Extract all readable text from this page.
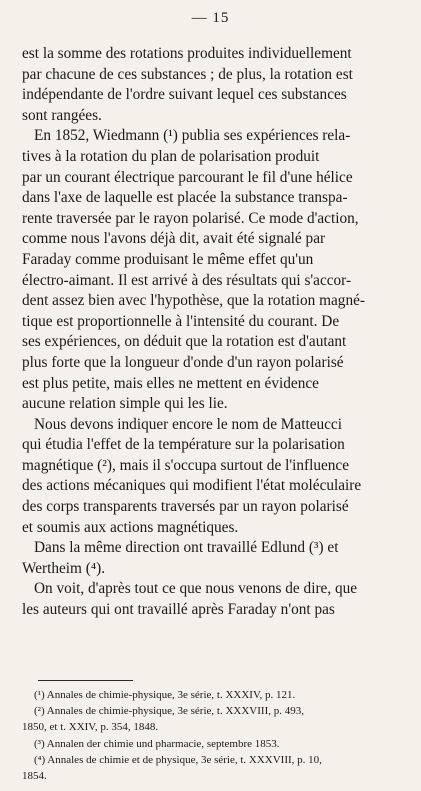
— 15

est la somme des rotations produites individuellement
par chacune de ces substances ; de plus, la rotation est
indépendante de l'ordre suivant lequel ces substances
sont rangées.

En 1852, Wiedmann (¹) publia ses expériences rela-
tives à la rotation du plan de polarisation produit
par un courant électrique parcourant le fil d'une hélice
dans l'axe de laquelle est placée la substance transpa-
rente traversée par le rayon polarisé. Ce mode d'action,
comme nous l'avons déjà dit, avait été signalé par
Faraday comme produisant le même effet qu'un
électro-aimant. Il est arrivé à des résultats qui s'accor-
dent assez bien avec l'hypothèse, que la rotation magné-
tique est proportionnelle à l'intensité du courant. De
ses expériences, on déduit que la rotation est d'autant
plus forte que la longueur d'onde d'un rayon polarisé
est plus petite, mais elles ne mettent en évidence
aucune relation simple qui les lie.

Nous devons indiquer encore le nom de Matteucci
qui étudia l'effet de la température sur la polarisation
magnétique (²), mais il s'occupa surtout de l'influence
des actions mécaniques qui modifient l'état moléculaire
des corps transparents traversés par un rayon polarisé
et soumis aux actions magnétiques.

Dans la même direction ont travaillé Edlund (³) et
Wertheim (⁴).

On voit, d'après tout ce que nous venons de dire, que
les auteurs qui ont travaillé après Faraday n'ont pas

(¹) Annales de chimie-physique, 3e série, t. XXXIV, p. 121.
(²) Annales de chimie-physique, 3e série, t. XXXVIII, p. 493,
1850, et t. XXIV, p. 354, 1848.
(³) Annalen der chimie und pharmacie, septembre 1853.
(⁴) Annales de chimie et de physique, 3e série, t. XXXVIII, p. 10,
1854.
